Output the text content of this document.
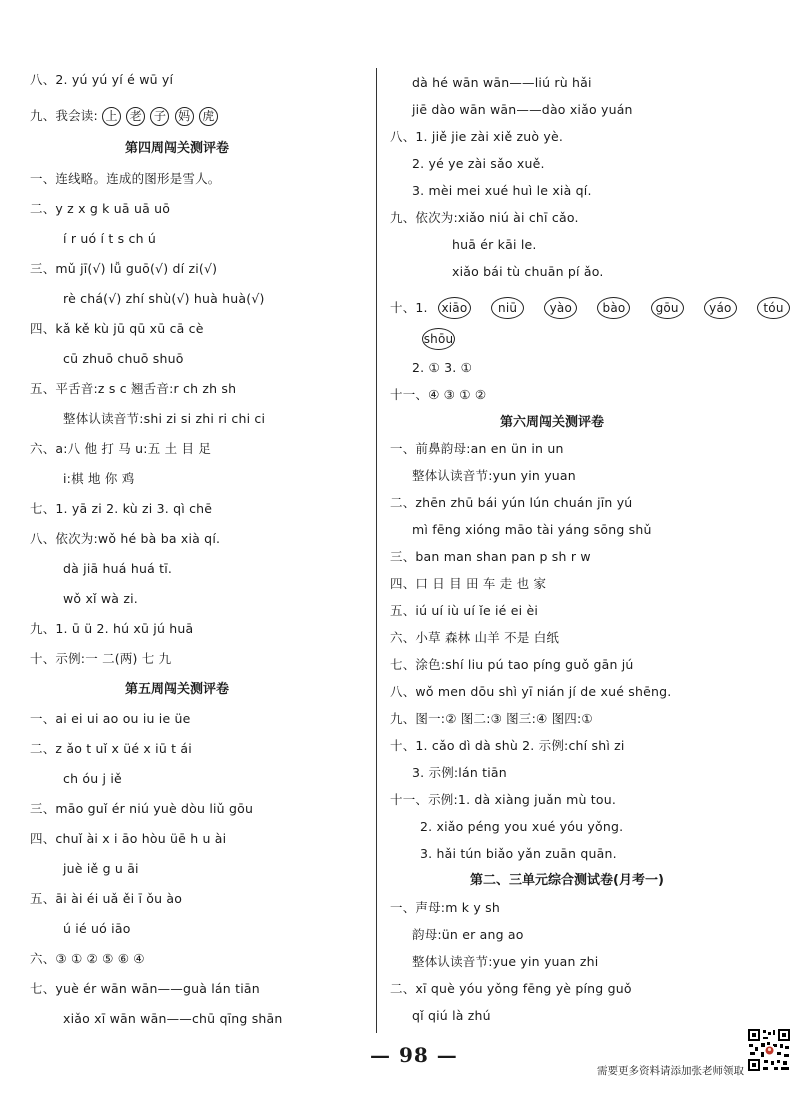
八、2. yú yú yí é wū yí
九、我会读: 上 老 子 妈 虎
第四周闯关测评卷
一、连线略。连成的图形是雪人。
二、y z x g k uā uā uō
í r uó í t s ch ú
三、mǔ jī(√) lǚ guō(√) dí zi(√)
rè chá(√) zhí shù(√) huà huà(√)
四、kǎ kě kù jū qū xū cā cè
cū zhuō chuō shuō
五、平舌音:z s c 翘舌音:r ch zh sh
整体认读音节:shi zi si zhi ri chi ci
六、a:八 他 打 马 u:五 土 目 足
i:棋 地 你 鸡
七、1. yā zi 2. kù zi 3. qì chē
八、依次为:wǒ hé bà ba xià qí.
dà jiā huá huá tī.
wǒ xǐ wà zi.
九、1. ū ü 2. hú xū jú huā
十、示例:一 二(两) 七 九
第五周闯关测评卷
一、ai ei ui ao ou iu ie üe
二、z ǎo t uǐ x üé x iū t ái
ch óu j iě
三、māo guǐ ér niú yuè dòu liǔ gōu
四、chuǐ ài x i āo hòu üē h u ài
juè iě g u āi
五、āi ài éi uǎ ěi ī ǒu ào
ú ié uó iāo
六、③ ① ② ⑤ ⑥ ④
七、yuè ér wān wān——guà lán tiān
xiǎo xī wān wān——chū qīng shān
dà hé wān wān——liú rù hǎi
jiē dào wān wān——dào xiǎo yuán
八、1. jiě jie zài xiě zuò yè.
2. yé ye zài sǎo xuě.
3. mèi mei xué huì le xià qí.
九、依次为:xiǎo niú ài chī cǎo.
huā ér kāi le.
xiǎo bái tù chuān pí ǎo.
十、1. xiāo	niū	yào	bào	gōu	yáo	tóu
shōu
2. ① 3. ①
十一、④ ③ ① ②
第六周闯关测评卷
一、前鼻韵母:an en ün in un
整体认读音节:yun yin yuan
二、zhēn zhū bái yún lún chuán jīn yú
mì fēng xióng māo tài yáng sōng shǔ
三、ban man shan pan p sh r w
四、口 日 目 田 车 走 也 家
五、iú uí iù uí ǐe ié ei èi
六、小草 森林 山羊 不是 白纸
七、涂色:shí liu pú tao píng guǒ gān jú
八、wǒ men dōu shì yī nián jí de xué shēng.
九、图一:② 图二:③ 图三:④ 图四:①
十、1. cǎo dì dà shù 2. 示例:chí shì zi
3. 示例:lán tiān
十一、示例:1. dà xiàng juǎn mù tou.
2. xiǎo péng you xué yóu yǒng.
3. hǎi tún biǎo yǎn zuān quān.
第二、三单元综合测试卷(月考一)
一、声母:m k y sh
韵母:ün er ang ao
整体认读音节:yue yin yuan zhi
二、xī què yóu yǒng fēng yè píng guǒ
qǐ qiú là zhú
— 98 —
需要更多资料请添加张老师领取
